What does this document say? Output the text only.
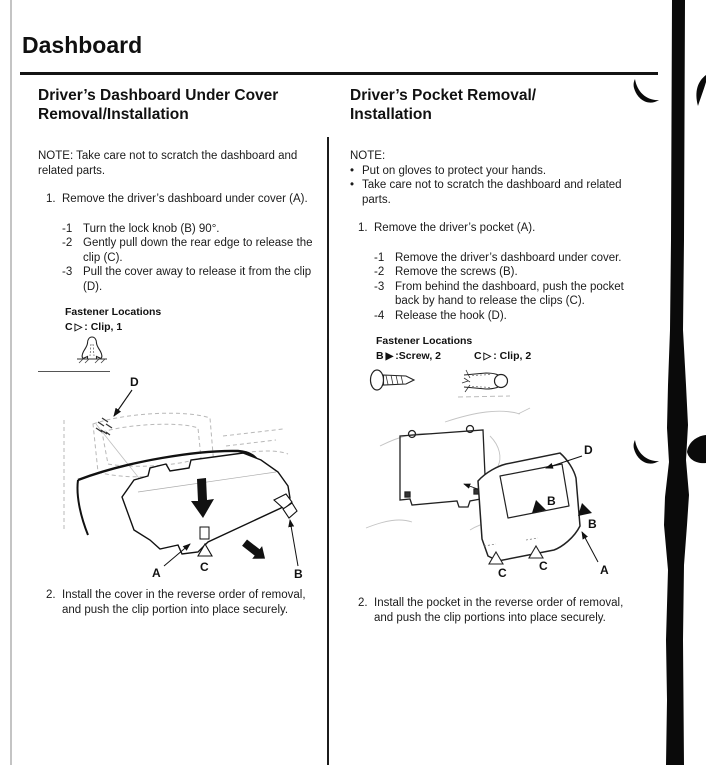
Dashboard
Driver’s Dashboard Under Cover
Removal/Installation

NOTE: Take care not to scratch the dashboard and related parts.

1. Remove the driver’s dashboard under cover (A).
-1 Turn the lock knob (B) 90°.
-2 Gently pull down the rear edge to release the clip (C).
-3 Pull the cover away to release it from the clip (D).
Fastener Locations
C ▷ : Clip, 1
D
C
A	B
2. Install the cover in the reverse order of removal, and push the clip portion into place securely.
Driver’s Pocket Removal/
Installation
NOTE:
• Put on gloves to protect your hands.
• Take care not to scratch the dashboard and related parts.
1. Remove the driver’s pocket (A).
-1 Remove the driver’s dashboard under cover.
-2 Remove the screws (B).
-3 From behind the dashboard, push the pocket back by hand to release the clips (C).
-4 Release the hook (D).
Fastener Locations
B ▶ :Screw, 2	C ▷ : Clip, 2
D
B
B
C	C	A
2. Install the pocket in the reverse order of removal, and push the clip portions into place securely.
